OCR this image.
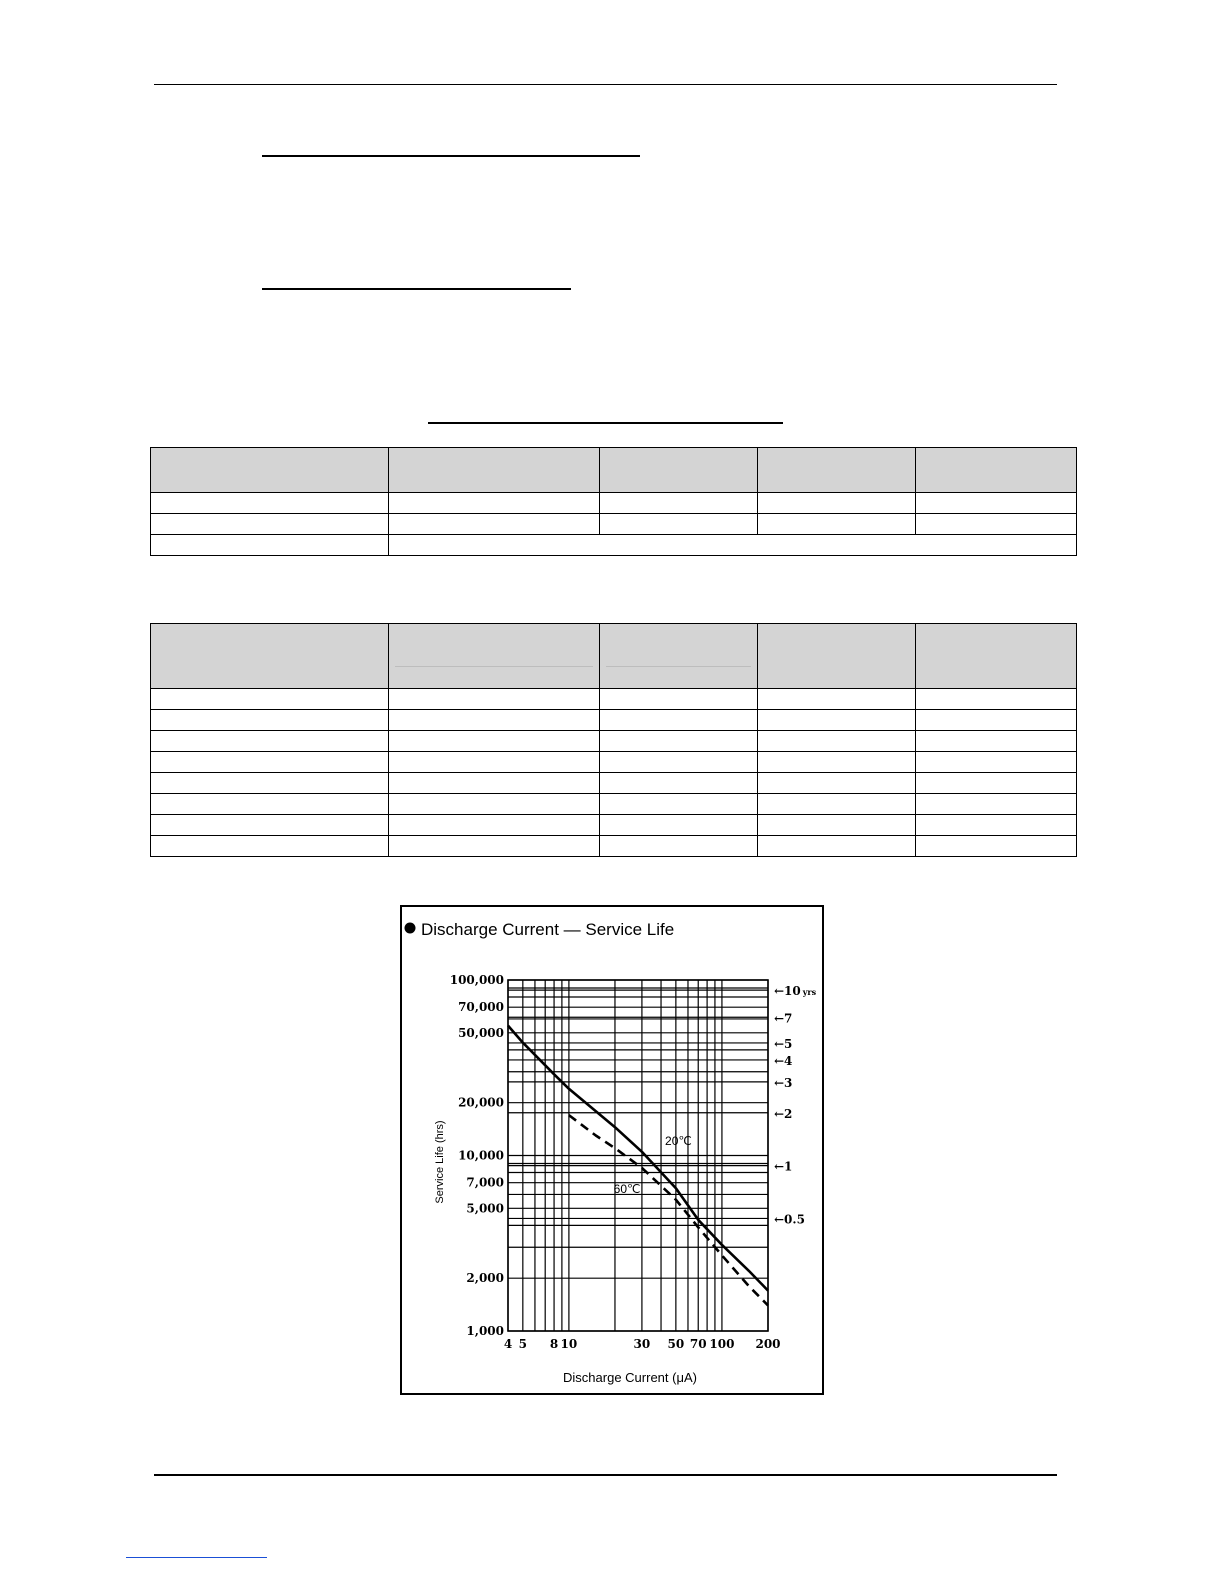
Discharge Current — Service Life
1,000
2,000
5,000
7,000
10,000
20,000
50,000
70,000
100,000
4 5 8 10	30 50 70 100 200
←10 yrs
←7
←5
←4
←3
←2
←1
←0.5
20℃
60℃
Service Life (hrs)
Discharge Current (μA)
